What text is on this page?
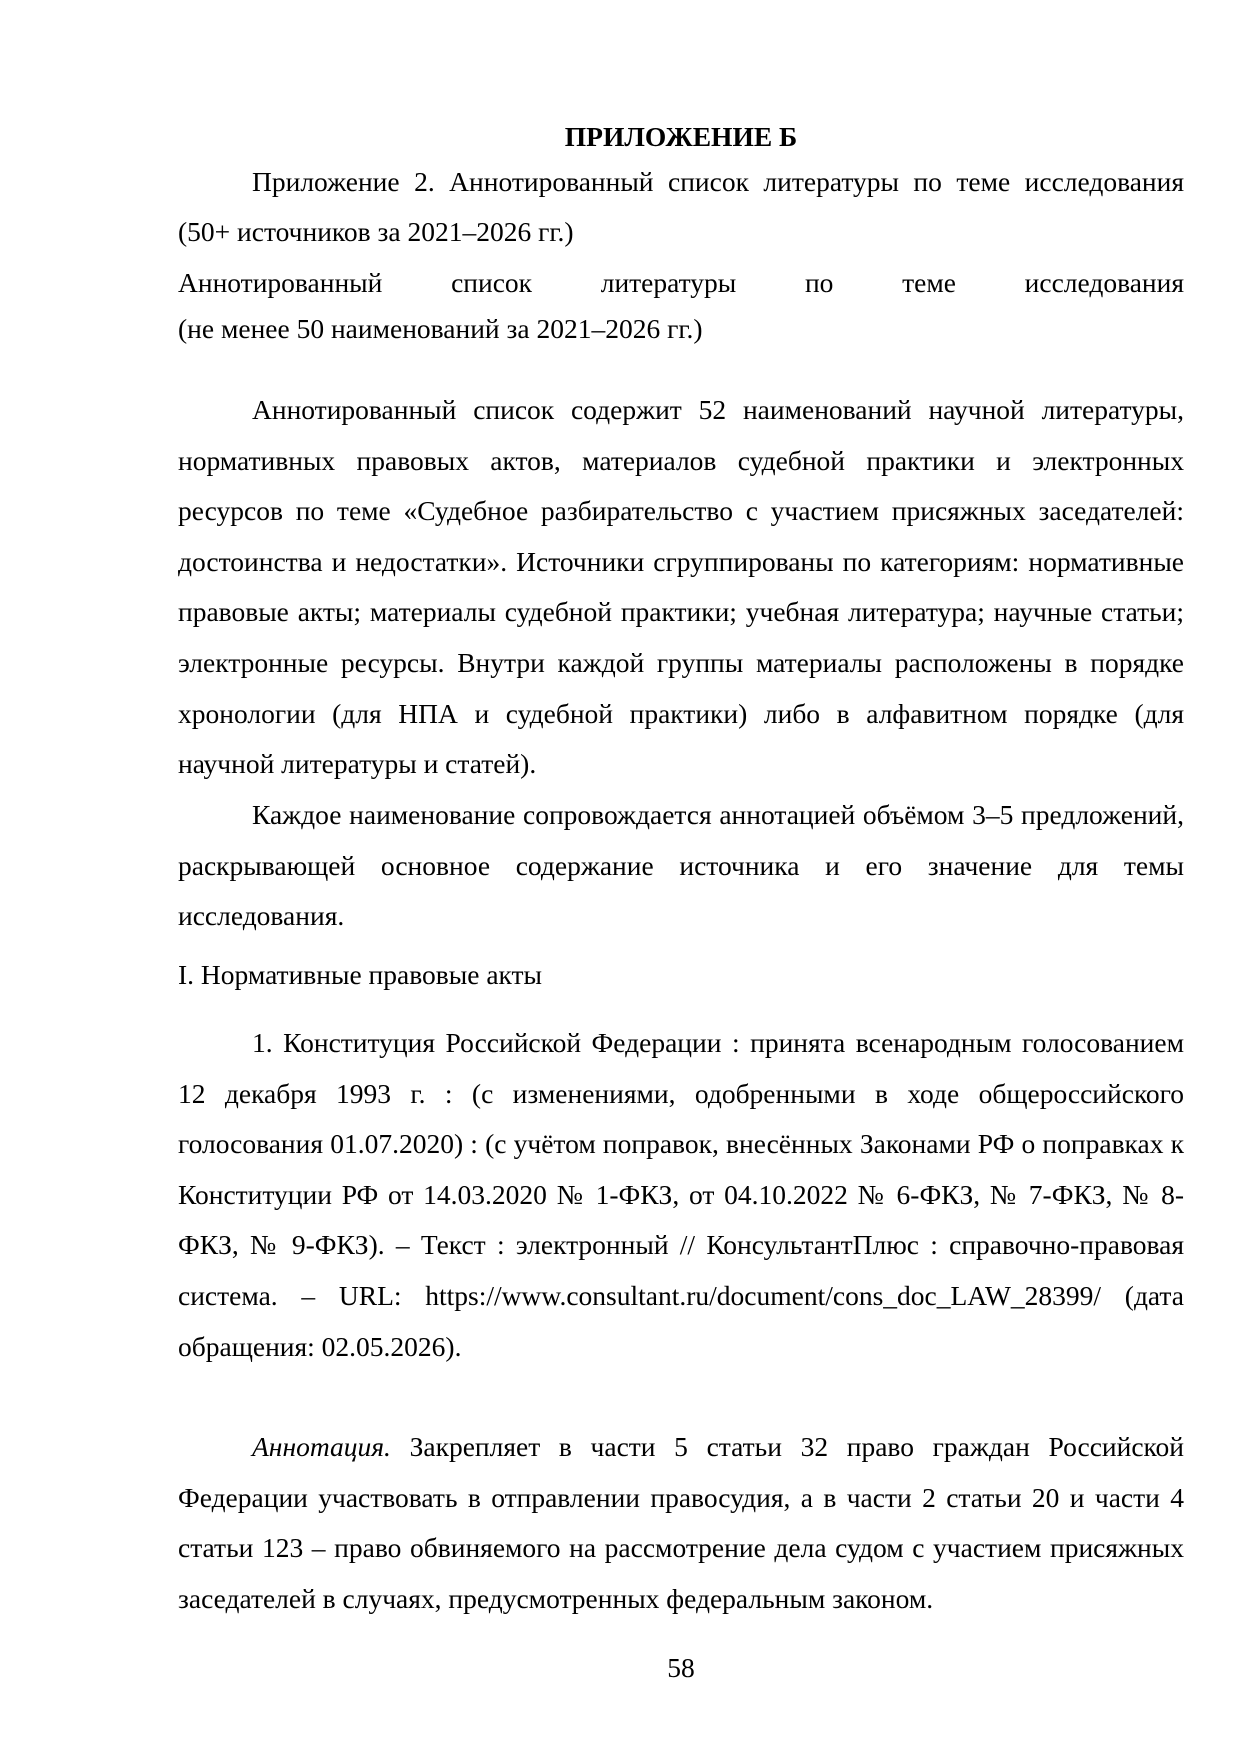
ПРИЛОЖЕНИЕ Б

Приложение 2. Аннотированный список литературы по теме исследования (50+ источников за 2021–2026 гг.)

Аннотированный список литературы по теме исследования
(не менее 50 наименований за 2021–2026 гг.)

Аннотированный список содержит 52 наименований научной литературы, нормативных правовых актов, материалов судебной практики и электронных ресурсов по теме «Судебное разбирательство с участием присяжных заседателей: достоинства и недостатки». Источники сгруппированы по категориям: нормативные правовые акты; материалы судебной практики; учебная литература; научные статьи; электронные ресурсы. Внутри каждой группы материалы расположены в порядке хронологии (для НПА и судебной практики) либо в алфавитном порядке (для научной литературы и статей).

Каждое наименование сопровождается аннотацией объёмом 3–5 предложений, раскрывающей основное содержание источника и его значение для темы исследования.

I. Нормативные правовые акты

1. Конституция Российской Федерации : принята всенародным голосованием 12 декабря 1993 г. : (с изменениями, одобренными в ходе общероссийского голосования 01.07.2020) : (с учётом поправок, внесённых Законами РФ о поправках к Конституции РФ от 14.03.2020 № 1-ФКЗ, от 04.10.2022 № 6-ФКЗ, № 7-ФКЗ, № 8-ФКЗ, № 9-ФКЗ). – Текст : электронный // КонсультантПлюс : справочно-правовая система. – URL: https://www.consultant.ru/document/cons_doc_LAW_28399/ (дата обращения: 02.05.2026).

Аннотация. Закрепляет в части 5 статьи 32 право граждан Российской Федерации участвовать в отправлении правосудия, а в части 2 статьи 20 и части 4 статьи 123 – право обвиняемого на рассмотрение дела судом с участием присяжных заседателей в случаях, предусмотренных федеральным законом.

58
